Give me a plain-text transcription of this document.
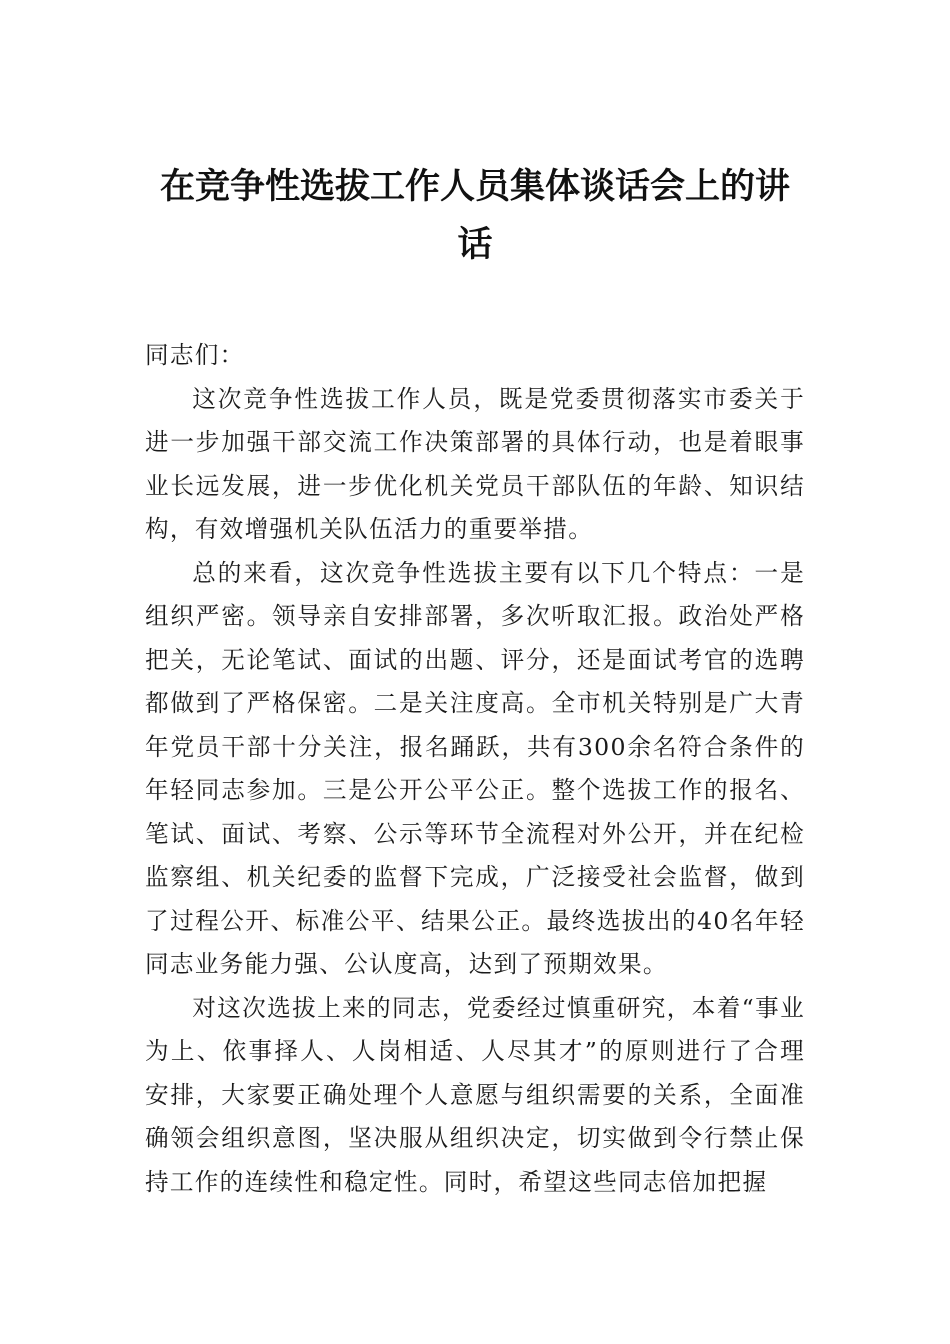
在竞争性选拔工作人员集体谈话会上的讲话

同志们：

这次竞争性选拔工作人员，既是党委贯彻落实市委关于进一步加强干部交流工作决策部署的具体行动，也是着眼事业长远发展，进一步优化机关党员干部队伍的年龄、知识结构，有效增强机关队伍活力的重要举措。

总的来看，这次竞争性选拔主要有以下几个特点：一是组织严密。领导亲自安排部署，多次听取汇报。政治处严格把关，无论笔试、面试的出题、评分，还是面试考官的选聘都做到了严格保密。二是关注度高。全市机关特别是广大青年党员干部十分关注，报名踊跃，共有300余名符合条件的年轻同志参加。三是公开公平公正。整个选拔工作的报名、笔试、面试、考察、公示等环节全流程对外公开，并在纪检监察组、机关纪委的监督下完成，广泛接受社会监督，做到了过程公开、标准公平、结果公正。最终选拔出的40名年轻同志业务能力强、公认度高，达到了预期效果。

对这次选拔上来的同志，党委经过慎重研究，本着“事业为上、依事择人、人岗相适、人尽其才”的原则进行了合理安排，大家要正确处理个人意愿与组织需要的关系，全面准确领会组织意图，坚决服从组织决定，切实做到令行禁止保持工作的连续性和稳定性。同时，希望这些同志倍加把握
